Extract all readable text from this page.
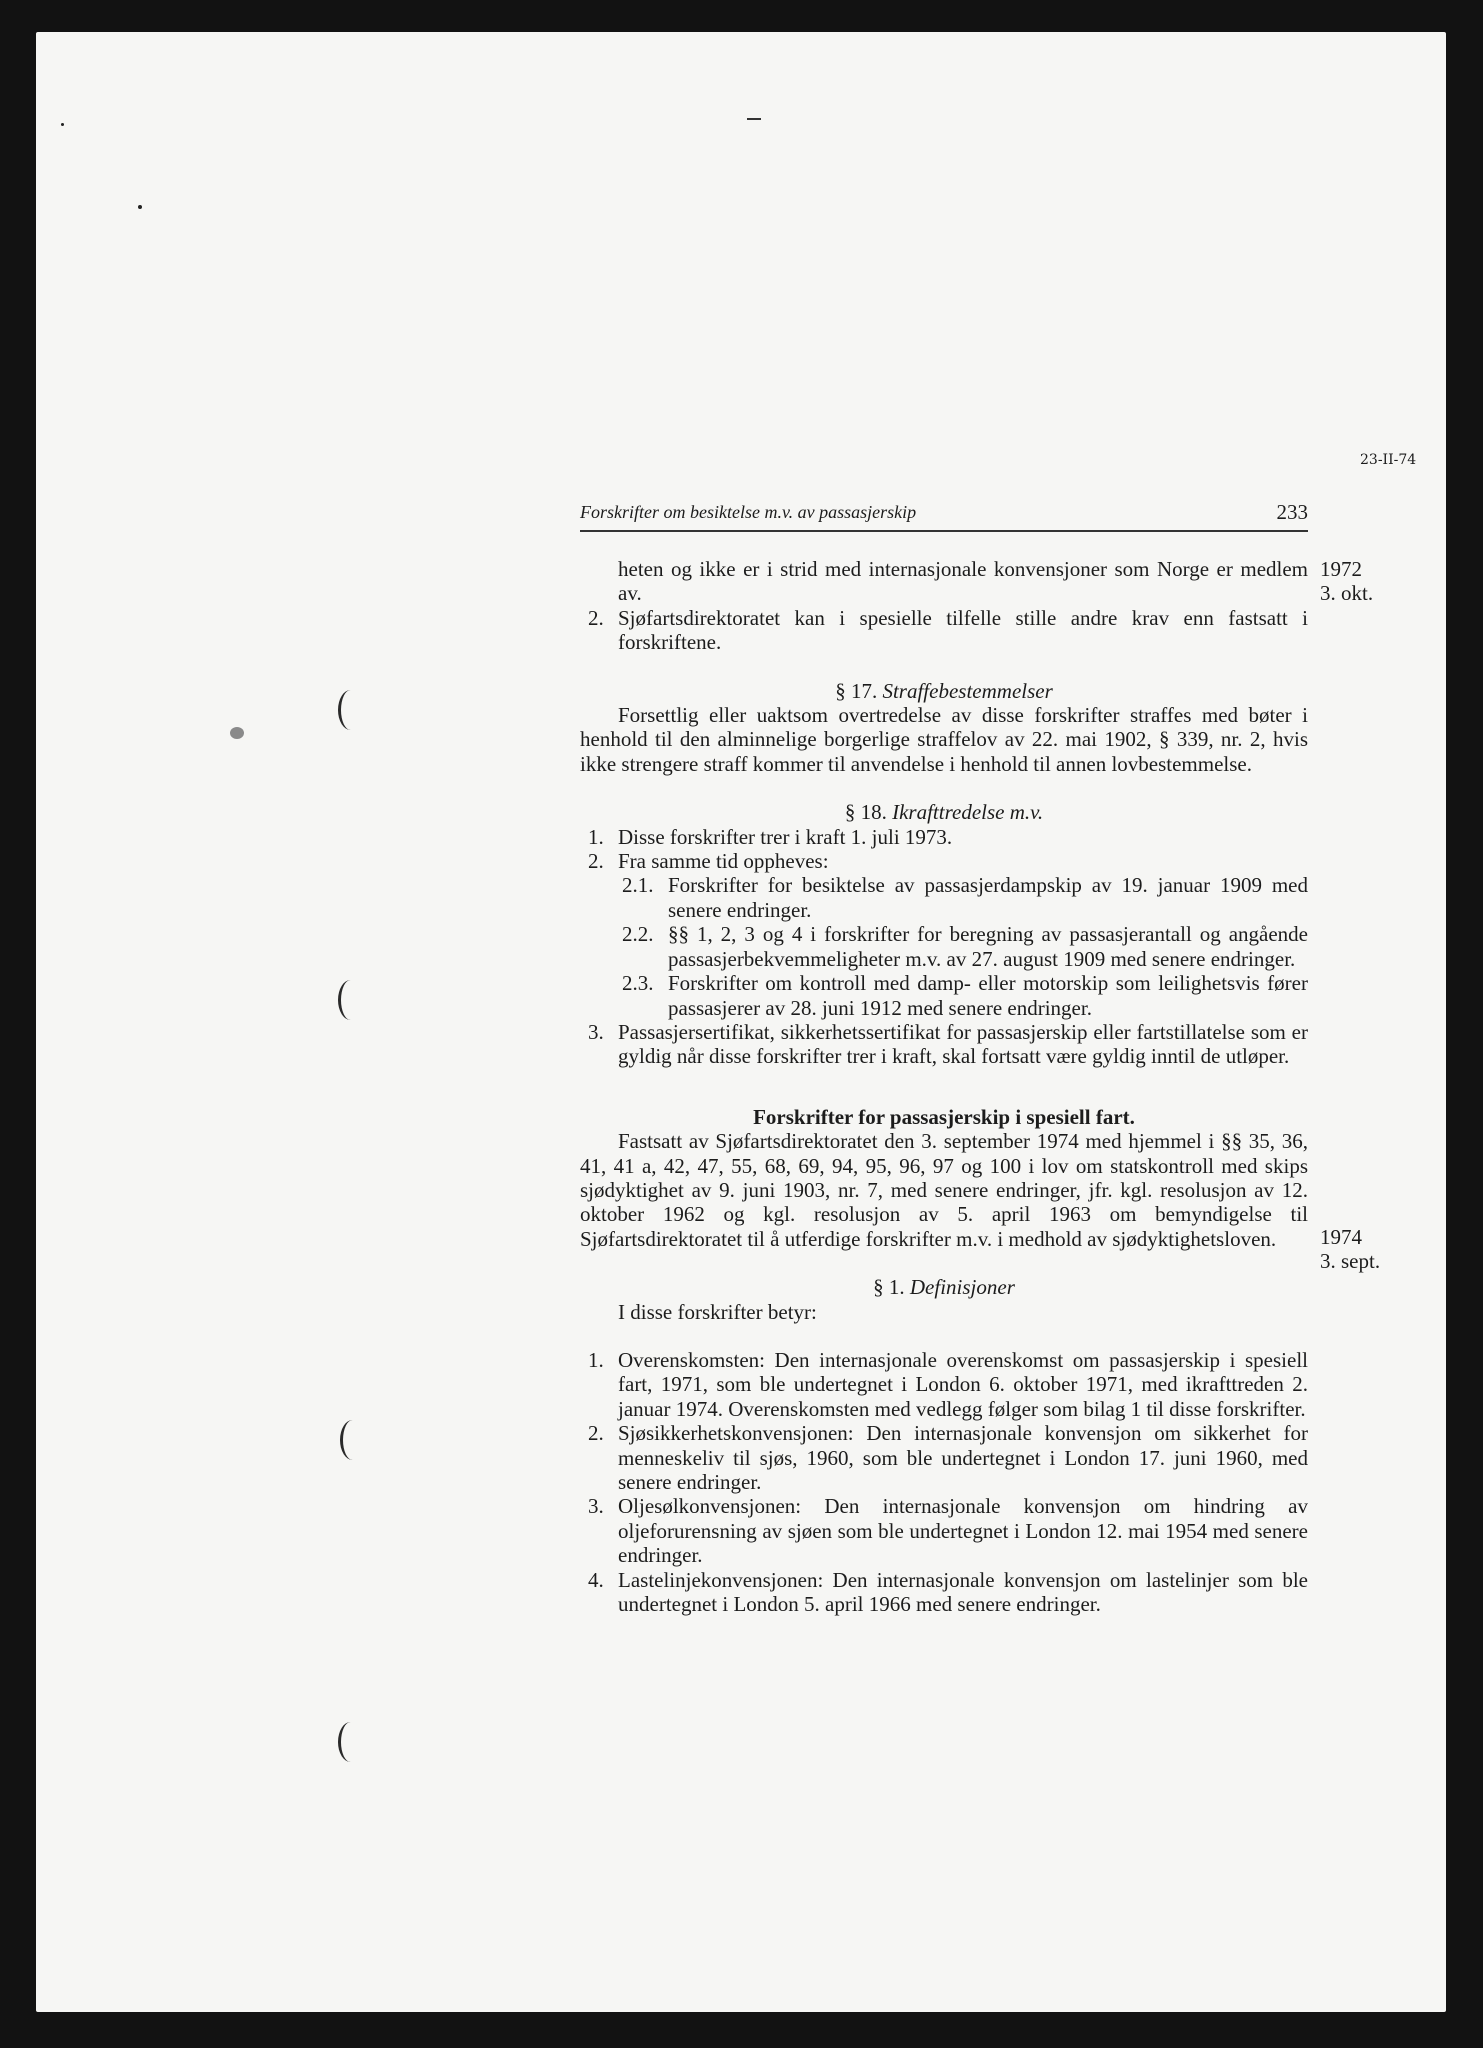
23-II-74
Forskrifter om besiktelse m.v. av passasjerskip	233
1972
3. okt.
1974
3. sept.

heten og ikke er i strid med internasjonale konvensjoner som Norge er medlem av.

2. Sjøfartsdirektoratet kan i spesielle tilfelle stille andre krav enn fastsatt i forskriftene.

§ 17. Straffebestemmelser

Forsettlig eller uaktsom overtredelse av disse forskrifter straffes med bøter i henhold til den alminnelige borgerlige straffelov av 22. mai 1902, § 339, nr. 2, hvis ikke strengere straff kommer til anvendelse i henhold til annen lovbestemmelse.

§ 18. Ikrafttredelse m.v.

1. Disse forskrifter trer i kraft 1. juli 1973.

2. Fra samme tid oppheves:

2.1. Forskrifter for besiktelse av passasjerdampskip av 19. januar 1909 med senere endringer.

2.2. §§ 1, 2, 3 og 4 i forskrifter for beregning av passasjerantall og angående passasjerbekvemmeligheter m.v. av 27. august 1909 med senere endringer.

2.3. Forskrifter om kontroll med damp- eller motorskip som leilighetsvis fører passasjerer av 28. juni 1912 med senere endringer.

3. Passasjersertifikat, sikkerhetssertifikat for passasjerskip eller fartstillatelse som er gyldig når disse forskrifter trer i kraft, skal fortsatt være gyldig inntil de utløper.

Forskrifter for passasjerskip i spesiell fart.

Fastsatt av Sjøfartsdirektoratet den 3. september 1974 med hjemmel i §§ 35, 36, 41, 41 a, 42, 47, 55, 68, 69, 94, 95, 96, 97 og 100 i lov om statskontroll med skips sjødyktighet av 9. juni 1903, nr. 7, med senere endringer, jfr. kgl. resolusjon av 12. oktober 1962 og kgl. resolusjon av 5. april 1963 om bemyndigelse til Sjøfartsdirektoratet til å utferdige forskrifter m.v. i medhold av sjødyktighetsloven.

§ 1. Definisjoner

I disse forskrifter betyr:

1. Overenskomsten: Den internasjonale overenskomst om passasjerskip i spesiell fart, 1971, som ble undertegnet i London 6. oktober 1971, med ikrafttreden 2. januar 1974. Overenskomsten med vedlegg følger som bilag 1 til disse forskrifter.

2. Sjøsikkerhetskonvensjonen: Den internasjonale konvensjon om sikkerhet for menneskeliv til sjøs, 1960, som ble undertegnet i London 17. juni 1960, med senere endringer.

3. Oljesølkonvensjonen: Den internasjonale konvensjon om hindring av oljeforurensning av sjøen som ble undertegnet i London 12. mai 1954 med senere endringer.

4. Lastelinjekonvensjonen: Den internasjonale konvensjon om lastelinjer som ble undertegnet i London 5. april 1966 med senere endringer.
